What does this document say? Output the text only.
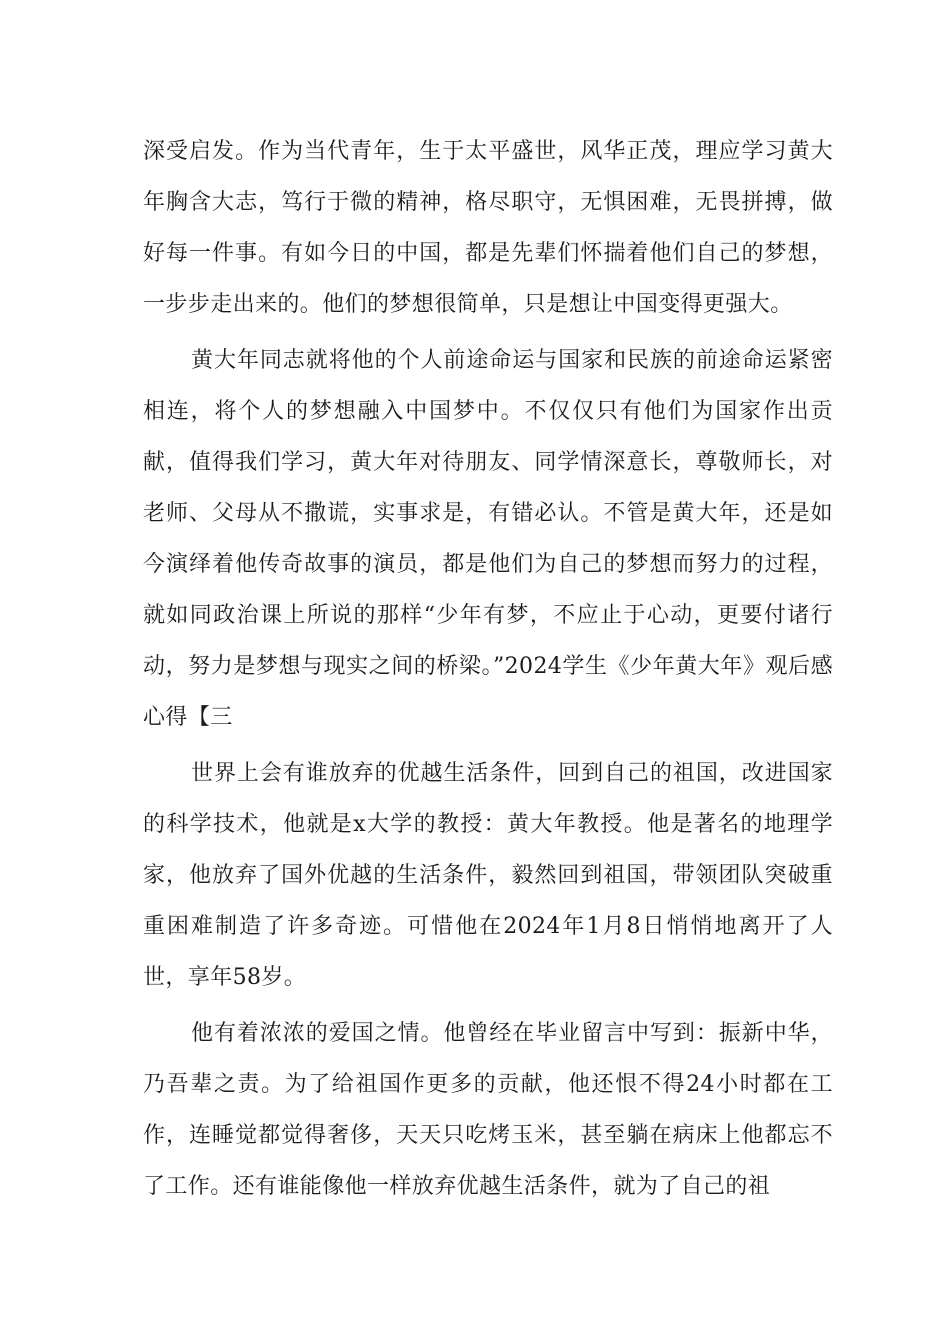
深受启发。作为当代青年，生于太平盛世，风华正茂，理应学习黄大年胸含大志，笃行于微的精神，格尽职守，无惧困难，无畏拼搏，做好每一件事。有如今日的中国，都是先辈们怀揣着他们自己的梦想，一步步走出来的。他们的梦想很简单，只是想让中国变得更强大。

黄大年同志就将他的个人前途命运与国家和民族的前途命运紧密相连，将个人的梦想融入中国梦中。不仅仅只有他们为国家作出贡献，值得我们学习，黄大年对待朋友、同学情深意长，尊敬师长，对老师、父母从不撒谎，实事求是，有错必认。不管是黄大年，还是如今演绎着他传奇故事的演员，都是他们为自己的梦想而努力的过程，就如同政治课上所说的那样“少年有梦，不应止于心动，更要付诸行动，努力是梦想与现实之间的桥梁。”2024学生《少年黄大年》观后感心得【三

世界上会有谁放弃的优越生活条件，回到自己的祖国，改进国家的科学技术，他就是x大学的教授：黄大年教授。他是著名的地理学家，他放弃了国外优越的生活条件，毅然回到祖国，带领团队突破重重困难制造了许多奇迹。可惜他在2024年1月8日悄悄地离开了人世，享年58岁。

他有着浓浓的爱国之情。他曾经在毕业留言中写到：振新中华，乃吾辈之责。为了给祖国作更多的贡献，他还恨不得24小时都在工作，连睡觉都觉得奢侈，天天只吃烤玉米，甚至躺在病床上他都忘不了工作。还有谁能像他一样放弃优越生活条件，就为了自己的祖
